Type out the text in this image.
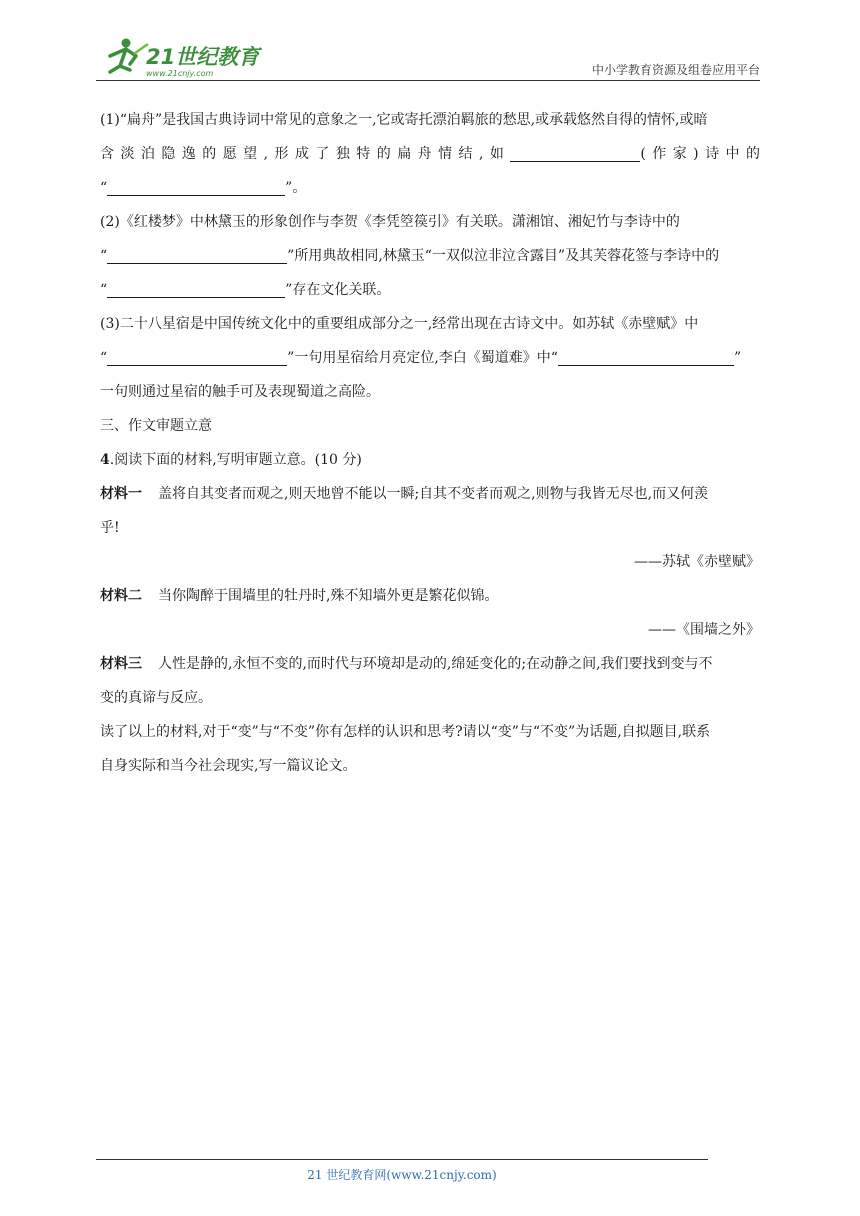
21世纪教育
www.21cnjy.com	中小学教育资源及组卷应用平台
(1)“扁舟”是我国古典诗词中常见的意象之一,它或寄托漂泊羁旅的愁思,或承载悠然自得的情怀,或暗
含淡泊隐逸的愿望,形成了独特的扁舟情结,如	(作家)诗中的
“	”。
(2)《红楼梦》中林黛玉的形象创作与李贺《李凭箜篌引》有关联。潇湘馆、湘妃竹与李诗中的
“	”所用典故相同,林黛玉“一双似泣非泣含露目”及其芙蓉花签与李诗中的
“	”存在文化关联。
(3)二十八星宿是中国传统文化中的重要组成部分之一,经常出现在古诗文中。如苏轼《赤壁赋》中
“	”一句用星宿给月亮定位,李白《蜀道难》中“	”
一句则通过星宿的触手可及表现蜀道之高险。
三、作文审题立意
4.阅读下面的材料,写明审题立意。(10 分)
材料一 盖将自其变者而观之,则天地曾不能以一瞬;自其不变者而观之,则物与我皆无尽也,而又何羡
乎!
——苏轼《赤壁赋》
材料二 当你陶醉于围墙里的牡丹时,殊不知墙外更是繁花似锦。
——《围墙之外》
材料三 人性是静的,永恒不变的,而时代与环境却是动的,绵延变化的;在动静之间,我们要找到变与不
变的真谛与反应。
读了以上的材料,对于“变”与“不变”你有怎样的认识和思考?请以“变”与“不变”为话题,自拟题目,联系
自身实际和当今社会现实,写一篇议论文。
21 世纪教育网(www.21cnjy.com)
